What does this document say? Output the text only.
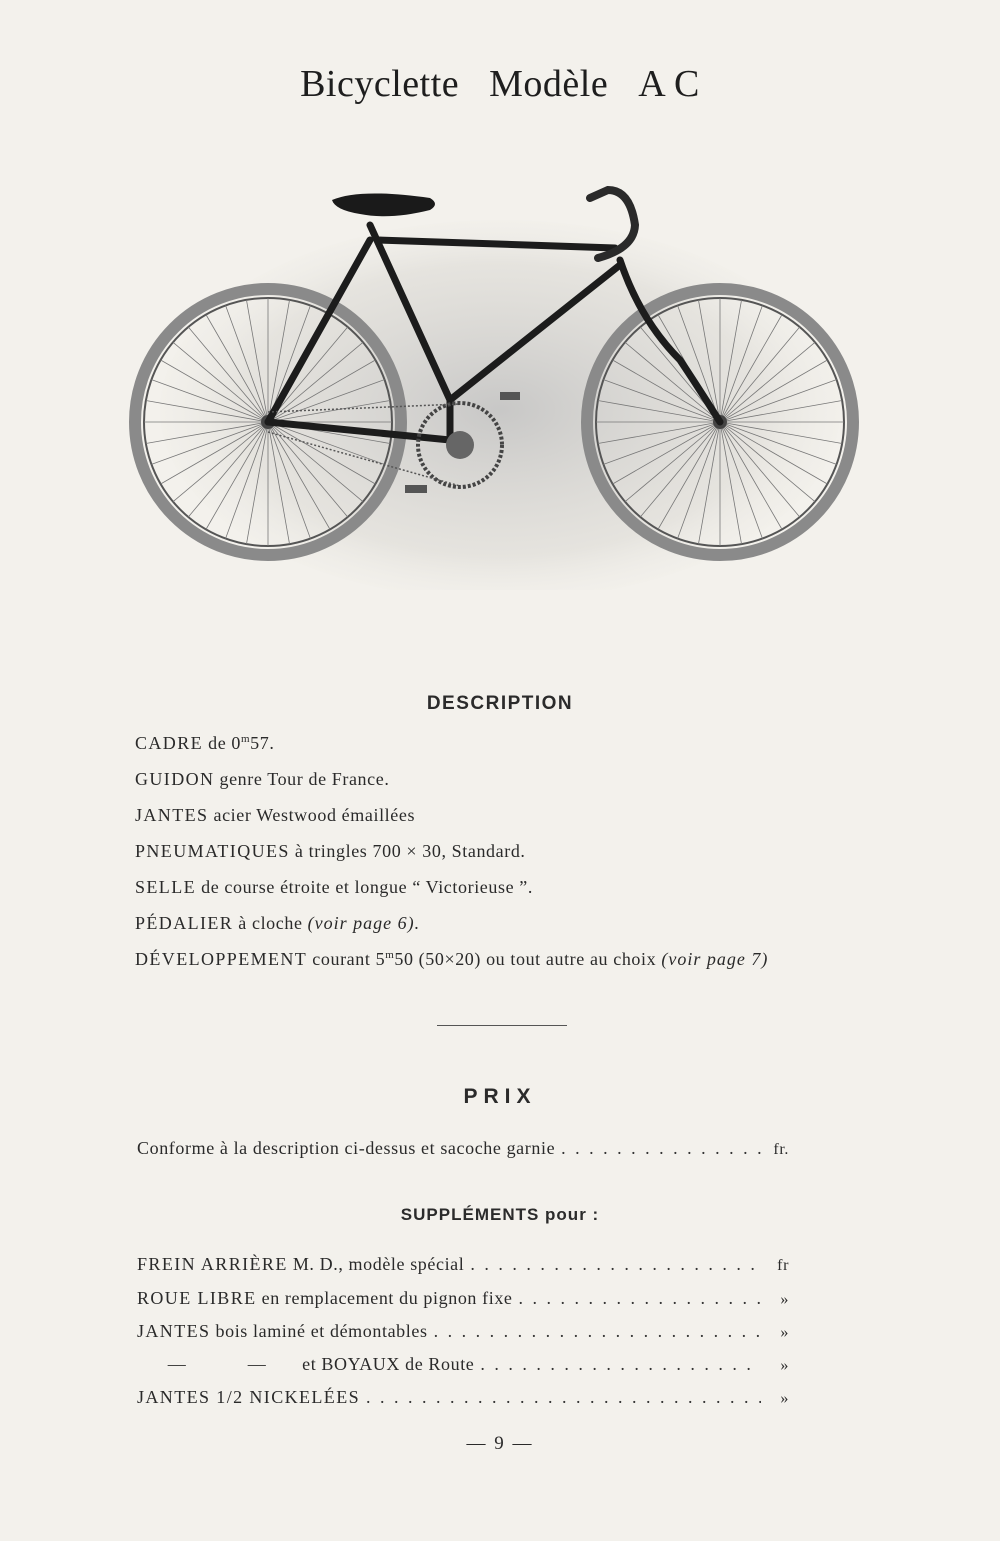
Bicyclette Modèle A C
DESCRIPTION
CADRE de 0$^m$57.
GUIDON genre Tour de France.
JANTES acier Westwood émaillées
PNEUMATIQUES à tringles 700 × 30, Standard.
SELLE de course étroite et longue “ Victorieuse ”.
PÉDALIER à cloche (voir page 6).
DÉVELOPPEMENT courant 5$^m$50 (50×20) ou tout autre au choix (voir page 7)
PRIX
Conforme à la description ci-dessus et sacoche garnie . . .	fr.
SUPPLÉMENTS pour :
FREIN ARRIÈRE M. D., modèle spécial . . .	fr
ROUE LIBRE en remplacement du pignon fixe . . .	»
JANTES bois laminé et démontables . . .	»
—	— et BOYAUX de Route . . .	»
JANTES 1/2 NICKELÉES . . .	»
— 9 —
